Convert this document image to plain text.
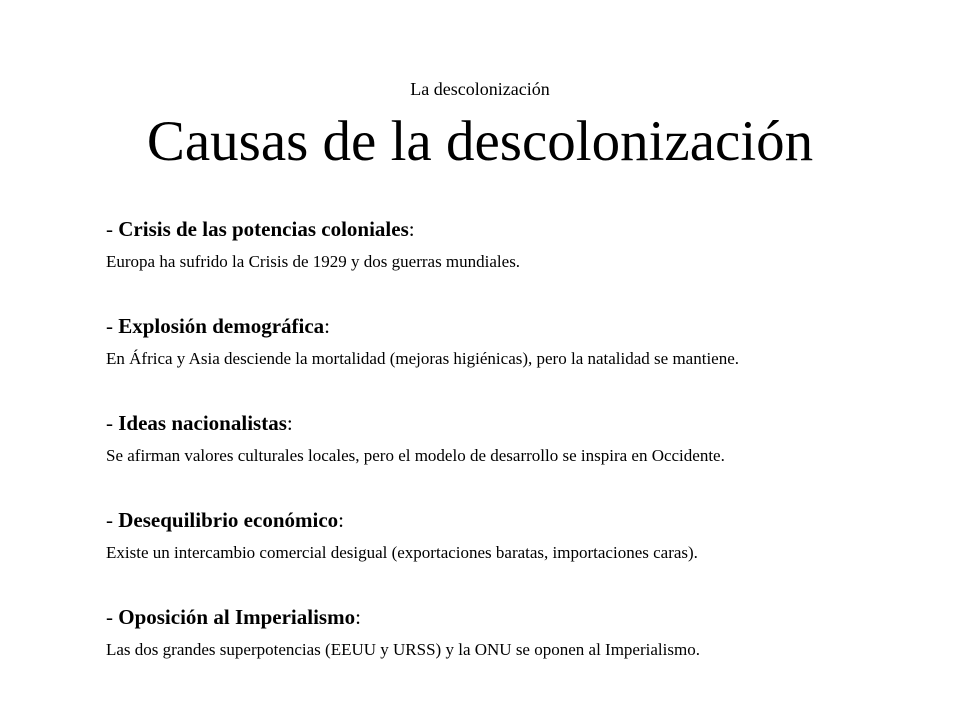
La descolonización
Causas de la descolonización
- Crisis de las potencias coloniales:
Europa ha sufrido la Crisis de 1929 y dos guerras mundiales.
- Explosión demográfica:
En África y Asia desciende la mortalidad (mejoras higiénicas), pero la natalidad se mantiene.
- Ideas nacionalistas:
Se afirman valores culturales locales, pero el modelo de desarrollo se inspira en Occidente.
- Desequilibrio económico:
Existe un intercambio comercial desigual (exportaciones baratas, importaciones caras).
- Oposición al Imperialismo:
Las dos grandes superpotencias (EEUU y URSS) y la ONU se oponen al Imperialismo.
